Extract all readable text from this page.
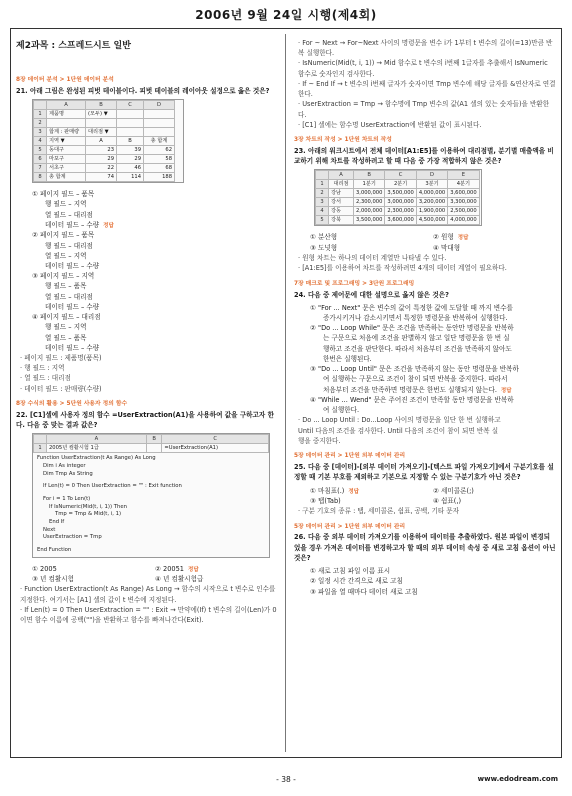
2006년 9월 24일 시행(제4회)
제2과목 : 스프레드시트 일반
8장 데이터 분석 > 1단원 데이터 분석
21. 아래 그림은 완성된 피벗 테이블이다. 피벗 테이블의 레이아웃 설정으로 옳은 것은?
	A	B	C	D
1	제품명	(모두) ▼		
2				
3	합계 : 판매량	대리점 ▼		
4	지역 ▼	A	B	총 합계
5	동대구	23	39	62
6	마포구	29	29	58
7	서초구	22	46	68
8	총 합계	74	114	188
① 페이지 필드 – 품목
행 필드 – 지역
열 필드 – 대리점
데이터 필드 – 수량 정답
② 페이지 필드 – 품목
행 필드 – 대리점
열 필드 – 지역
데이터 필드 – 수량
③ 페이지 필드 – 지역
행 필드 – 품목
열 필드 – 대리점
데이터 필드 – 수량
④ 페이지 필드 – 대리점
행 필드 – 지역
열 필드 – 품목
데이터 필드 – 수량
· 페이지 필드 : 제품명(품목)
· 행 필드 : 지역
· 열 필드 : 대리점
· 데이터 필드 : 판매량(수량)
8장 수식의 활용 > 5단원 사용자 정의 함수
22. [C1]셀에 사용자 정의 함수 =UserExtraction(A1)을 사용하여 값을 구하고자 한다. 다음 중 맞는 결과 값은?
	A	B	C
1	2005년 컴활시험 1급		=UserExtraction(A1)
Function UserExtraction(t As Range) As Long
Dim i As integer
Dim Tmp As String
If Len(t) = 0 Then UserExtraction = "" : Exit function
For i = 1 To Len(t)
If IsNumeric(Mid(t, i, 1)) Then
Tmp = Tmp & Mid(t, i, 1)
End If
Next
UserExtraction = Tmp
End Function
① 2005	② 20051 정답
③ 년 컴활시험	④ 년 컴활시험급
· Function UserExtraction(t As Range) As Long → 함수의 시작으로 t 변수로 인수를 지정한다. 여기서는 [A1] 셀의 값이 t 변수에 지정된다.
· If Len(t) = 0 Then UserExtraction = "" : Exit → 만약에(If) t 변수의 길이(Len)가 0이면 함수 이름에 공백("")을 반환하고 함수를 빠져나간다(Exit).
· For ~ Next → For~Next 사이의 명령문을 변수 i가 1부터 t 변수의 길이(=13)만큼 반복 실행한다.
· IsNumeric(Mid(t, i, 1)) → Mid 함수로 t 변수의 i번째 1글자를 추출해서 IsNumeric 함수로 숫자인지 검사한다.
· If ~ End If → t 변수의 i번째 글자가 숫자이면 Tmp 변수에 해당 글자를 &연산자로 연결한다.
· UserExtraction = Tmp → 함수명에 Tmp 변수의 값(A1 셀의 있는 숫자들)을 반환한다.
· [C1] 셀에는 함수명 UserExtraction에 반환된 값이 표시된다.
3장 차트의 작성 > 1단원 차트의 작성
23. 아래의 워크시트에서 전체 데이터[A1:E5]를 이용하여 대리점별, 분기별 매출액을 비교하기 위해 차트를 작성하려고 할 때 다음 중 가장 적합하지 않은 것은?
	A	B	C	D	E
1	대리점	1분기	2분기	3분기	4분기
2	강남	3,000,000	3,500,000	4,000,000	3,600,000
3	강서	2,300,000	3,000,000	3,200,000	3,300,000
4	강동	2,000,000	2,300,000	1,900,000	2,500,000
5	강북	3,500,000	3,600,000	4,500,000	4,000,000
① 분산형	② 원형 정답
③ 도넛형	④ 막대형
· 원형 차트는 하나의 데이터 계열만 나타낼 수 있다.
· [A1:E5]를 이용하여 차트를 작성하려면 4개의 데이터 계열이 필요하다.
7장 매크로 및 프로그래밍 > 3단원 프로그래밍
24. 다음 중 제어문에 대한 설명으로 옳지 않은 것은?
① "For ... Next" 문은 변수의 값이 특정한 값에 도달할 때 까지 변수를
증가시키거나 감소시키면서 특정한 명령문을 반복하여 실행한다.
② "Do ... Loop While" 문은 조건을 만족하는 동안만 명령문을 반복하
는 구문으로 처음에 조건을 판별하지 않고 일단 명령문을 한 번 실
행하고 조건을 판단한다. 따라서 처음부터 조건을 만족하지 않아도
한번은 실행된다.
③ "Do ... Loop Until" 문은 조건을 만족하지 않는 동안 명령문을 반복하
여 실행하는 구문으로 조건이 참이 되면 반복을 중지한다. 따라서
처음부터 조건을 만족하면 명령문은 한번도 실행되지 않는다. 정답
④ "While ... Wend" 문은 주어진 조건이 만족할 동안 명령문을 반복하
여 실행한다.
· Do ... Loop Until : Do...Loop 사이의 명령문을 일단 한 번 실행하고
Until 다음의 조건을 검사한다. Until 다음의 조건이 참이 되면 반복 실
행을 중지한다.
5장 데이터 관리 > 1단원 외부 데이터 관리
25. 다음 중 [데이터]-[외부 데이터 가져오기]-[텍스트 파일 가져오기]에서 구분기호를 설정할 때 기본 부호를 제외하고 기본으로 지정할 수 있는 구분기호가 아닌 것은?
① 마침표(.) 정답	② 세미콜론(;)
③ 탭(Tab)	④ 쉼표(,)
· 구분 기호의 종류 : 탭, 세미콜론, 쉼표, 공백, 기타 문자
5장 데이터 관리 > 1단원 외부 데이터 관리
26. 다음 중 외부 데이터 가져오기를 이용하여 데이터를 추출하였다. 원본 파일이 변경되었을 경우 가져온 데이터를 변경하고자 할 때의 외부 데이터 속성 중 새로 고침 옵션이 아닌 것은?
① 새로 고침 파일 이름 표시
② 일정 시간 간격으로 새로 고침
③ 파일을 열 때마다 데이터 새로 고침
- 38 -	www.edodream.com
